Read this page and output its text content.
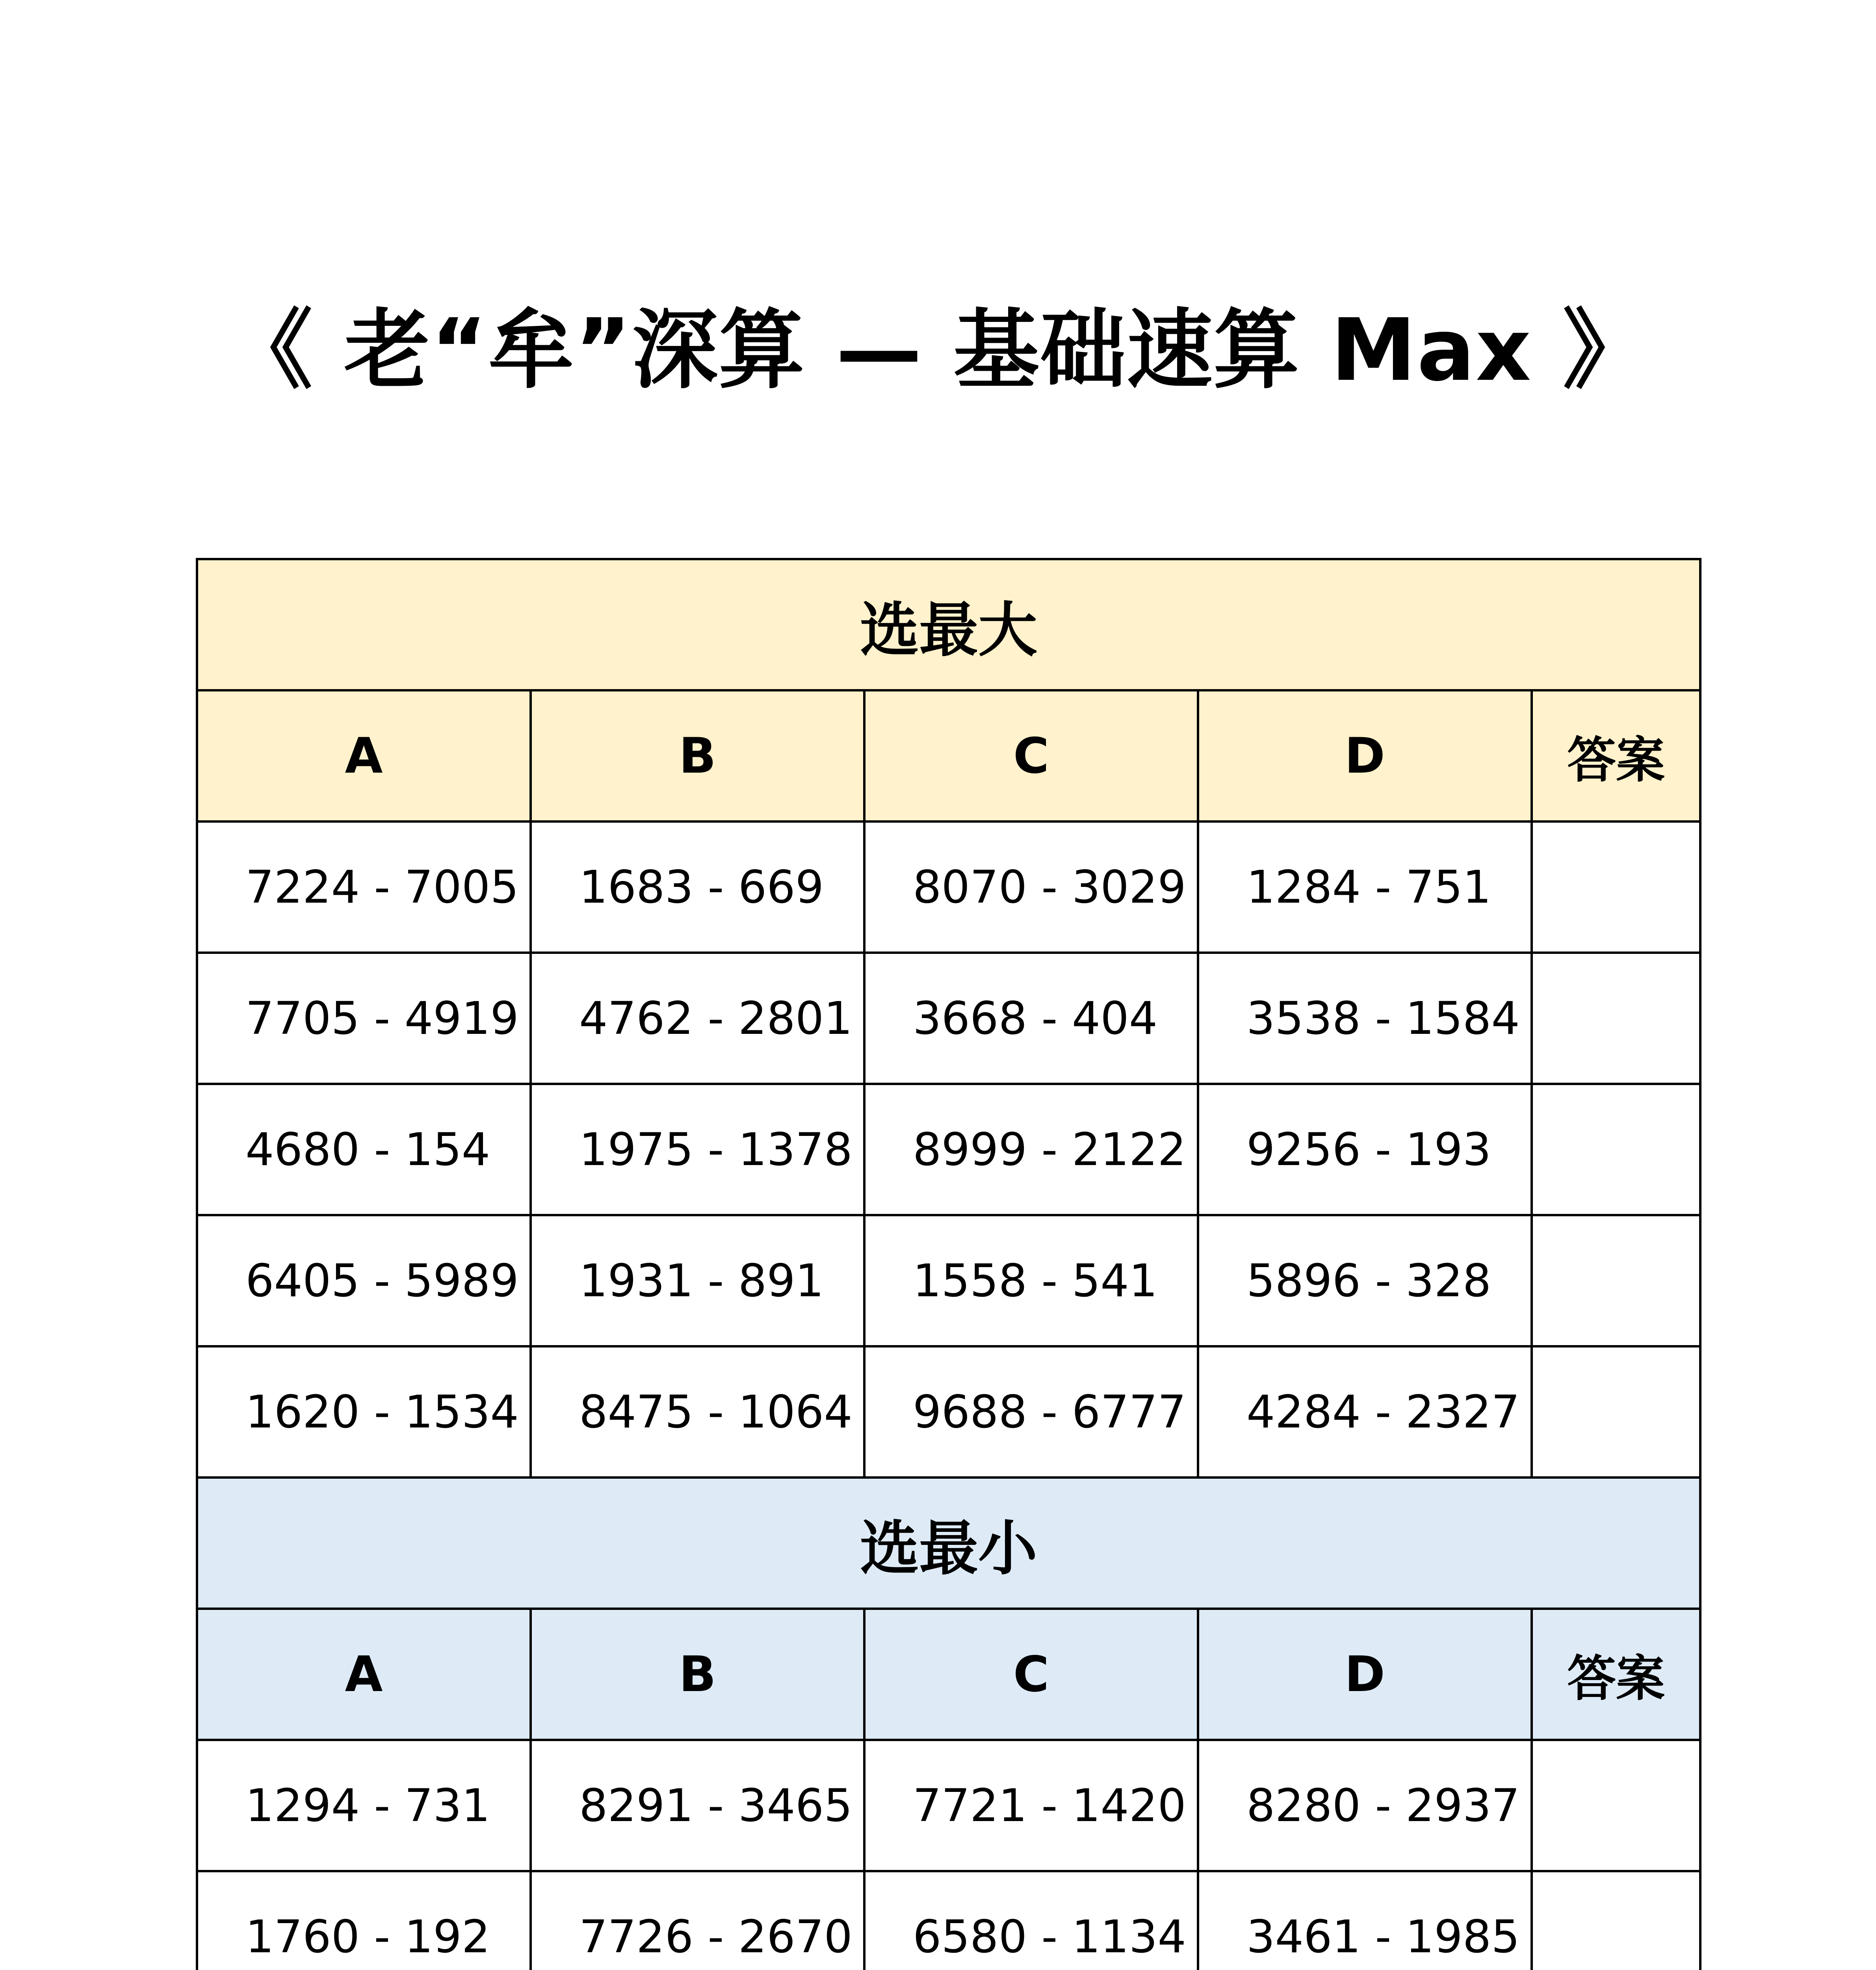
《 老“牟”深算 — 基础速算 Max 》
选最大				
A	B	C	D	答案
7224 - 7005	1683 - 669	8070 - 3029	1284 - 751	
7705 - 4919	4762 - 2801	3668 - 404	3538 - 1584	
4680 - 154	1975 - 1378	8999 - 2122	9256 - 193	
6405 - 5989	1931 - 891	1558 - 541	5896 - 328	
1620 - 1534	8475 - 1064	9688 - 6777	4284 - 2327	
选最小				
A	B	C	D	答案
1294 - 731	8291 - 3465	7721 - 1420	8280 - 2937	
1760 - 192	7726 - 2670	6580 - 1134	3461 - 1985	
